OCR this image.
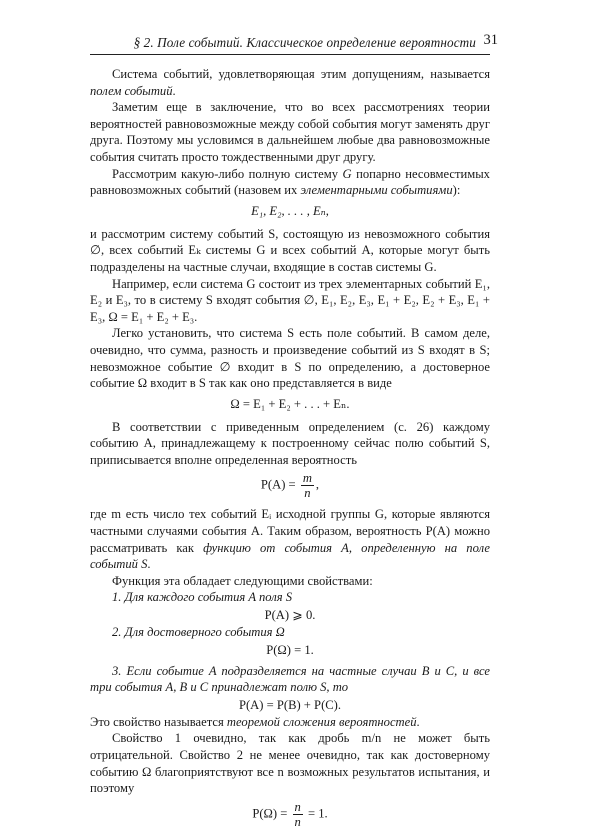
§ 2. Поле событий. Классическое определение вероятности 31

Система событий, удовлетворяющая этим допущениям, называется полем событий.

Заметим еще в заключение, что во всех рассмотрениях теории вероятностей равновозможные между собой события могут заменять друг друга. Поэтому мы условимся в дальнейшем любые два равновозможные события считать просто тождественными друг другу.

Рассмотрим какую-либо полную систему G попарно несовместимых равновозможных событий (назовем их элементарными событиями):

E₁, E₂, . . . , Eₙ,

и рассмотрим систему событий S, состоящую из невозможного события ∅, всех событий Eₖ системы G и всех событий A, которые могут быть подразделены на частные случаи, входящие в состав системы G.

Например, если система G состоит из трех элементарных событий E₁, E₂ и E₃, то в систему S входят события ∅, E₁, E₂, E₃, E₁ + E₂, E₂ + E₃, E₁ + E₃, Ω = E₁ + E₂ + E₃.

Легко установить, что система S есть поле событий. В самом деле, очевидно, что сумма, разность и произведение событий из S входят в S; невозможное событие ∅ входит в S по определению, а достоверное событие Ω входит в S так как оно представляется в виде

Ω = E₁ + E₂ + . . . + Eₙ.

В соответствии с приведенным определением (с. 26) каждому событию A, принадлежащему к построенному сейчас полю событий S, приписывается вполне определенная вероятность

$P(A) = \frac{m}{n}$ ,

где m есть число тех событий Eᵢ исходной группы G, которые являются частными случаями события A. Таким образом, вероятность P(A) можно рассматривать как функцию от события A, определенную на поле событий S.

Функция эта обладает следующими свойствами:

1. Для каждого события A поля S

P(A) ⩾ 0.

2. Для достоверного события Ω

P(Ω) = 1.

3. Если событие A подразделяется на частные случаи B и C, и все три события A, B и C принадлежат полю S, то

P(A) = P(B) + P(C).

Это свойство называется теоремой сложения вероятностей.

Свойство 1 очевидно, так как дробь m/n не может быть отрицательной. Свойство 2 не менее очевидно, так как достоверному событию Ω благоприятствуют все n возможных результатов испытания, и поэтому

$P(\Omega) = \frac{n}{n} = 1$.
